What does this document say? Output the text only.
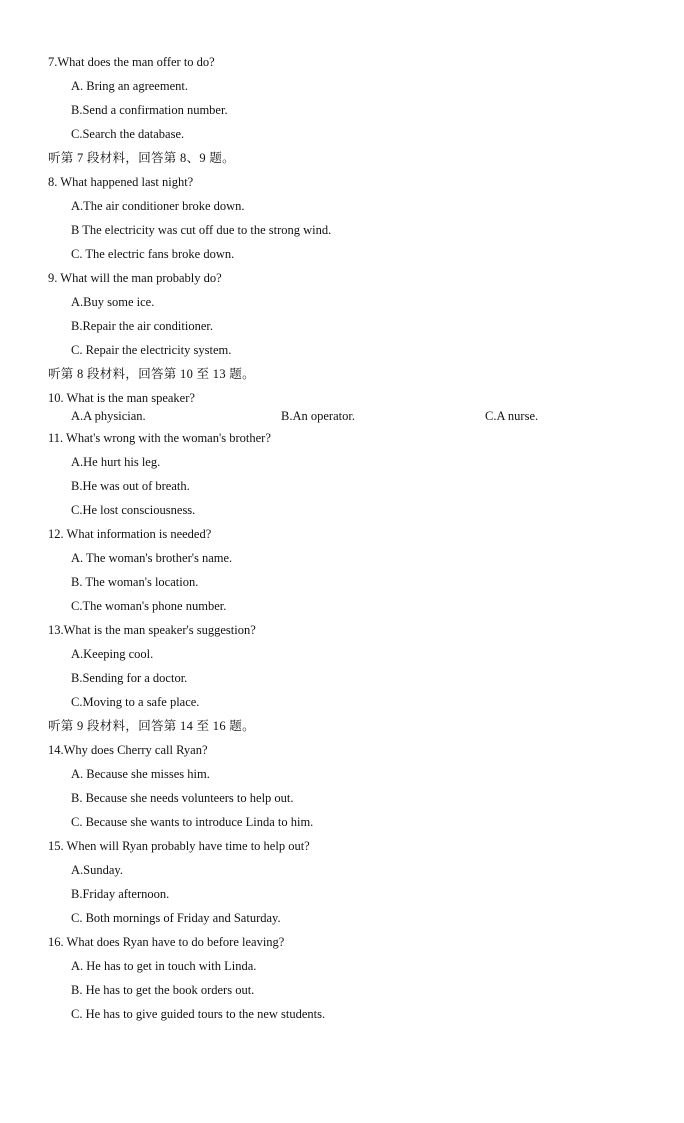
7.What does the man offer to do?
A. Bring an agreement.
B.Send a confirmation number.
C.Search the database.
听第 7 段材料，回答第 8、9 题。
8. What happened last night?
A.The air conditioner broke down.
B The electricity was cut off due to the strong wind.
C. The electric fans broke down.
9. What will the man probably do?
A.Buy some ice.
B.Repair the air conditioner.
C. Repair the electricity system.
听第 8 段材料，回答第 10 至 13 题。
10. What is the man speaker?
A.A physician.	B.An operator.	C.A nurse.
11. What's wrong with the woman's brother?
A.He hurt his leg.
B.He was out of breath.
C.He lost consciousness.
12. What information is needed?
A. The woman's brother's name.
B. The woman's location.
C.The woman's phone number.
13.What is the man speaker's suggestion?
A.Keeping cool.
B.Sending for a doctor.
C.Moving to a safe place.
听第 9 段材料，回答第 14 至 16 题。
14.Why does Cherry call Ryan?
A. Because she misses him.
B. Because she needs volunteers to help out.
C. Because she wants to introduce Linda to him.
15. When will Ryan probably have time to help out?
A.Sunday.
B.Friday afternoon.
C. Both mornings of Friday and Saturday.
16. What does Ryan have to do before leaving?
A. He has to get in touch with Linda.
B. He has to get the book orders out.
C. He has to give guided tours to the new students.
